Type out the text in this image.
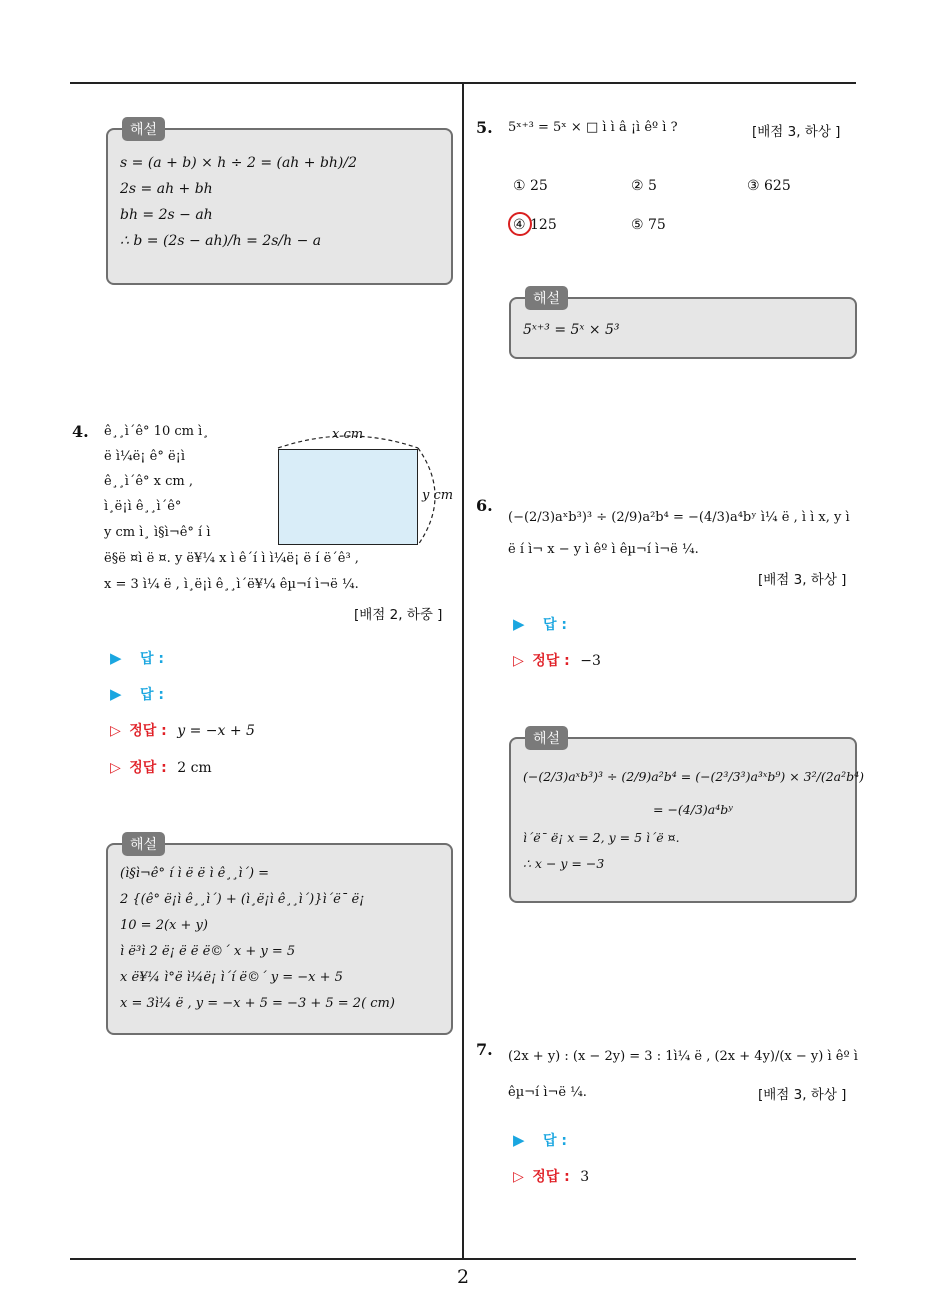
2
해설
s = (a + b) × h ÷ 2 = (ah + bh)/2
2s = ah + bh
bh = 2s − ah
∴ b = (2s − ah)/h = 2s/h − a
4. ê¸¸ì´ê° 10 cm ì¸
ë ì¼ë¡ ê° ë¡ì
ê¸¸ì´ê° x cm ,
ì¸ë¡ì ê¸¸ì´ê°
y cm ì¸ ì§ì¬ê° í ì
ë§ë ¤ì ë ¤. y ë¥¼ x ì ê´í ì ì¼ë¡ ë í ë´ê³ ,
x = 3 ì¼ ë , ì¸ë¡ì ê¸¸ì´ë¥¼ êµ¬í ì¬ë ¼.
x cm
y cm
[배점 2, 하중 ]
▶ 답 :
▶ 답 :
▷ 정답 : y = −x + 5
▷ 정답 : 2 cm
해설
(ì§ì¬ê° í ì ë ë ì ê¸¸ì´) =
2 {(ê° ë¡ì ê¸¸ì´) + (ì¸ë¡ì ê¸¸ì´)}ì´ë¯ ë¡
10 = 2(x + y)
ì ë³ì 2 ë¡ ë ë ë©´ x + y = 5
x ë¥¼ ì°ë ì¼ë¡ ì´í ë©´ y = −x + 5
x = 3ì¼ ë , y = −x + 5 = −3 + 5 = 2( cm)
5. 5ˣ⁺³ = 5ˣ × □ ì ì â ¡ì êº ì ?	[배점 3, 하상 ]
① 25	② 5	③ 625
④ 125	⑤ 75
해설
5ˣ⁺³ = 5ˣ × 5³
6.
(−(2/3)aˣb³)³ ÷ (2/9)a²b⁴ = −(4/3)a⁴bʸ ì¼ ë , ì ì x, y ì
ë í ì¬ x − y ì êº ì êµ¬í ì¬ë ¼.
[배점 3, 하상 ]
▶ 답 :
▷ 정답 : −3
해설
(−(2/3)aˣb³)³ ÷ (2/9)a²b⁴ = (−(2³/3³)a³ˣb⁹) × 3²/(2a²b⁴)
= −(4/3)a⁴bʸ
ì´ë¯ ë¡ x = 2, y = 5 ì´ë ¤.
∴ x − y = −3
7. (2x + y) : (x − 2y) = 3 : 1ì¼ ë , (2x + 4y)/(x − y) ì êº ì
êµ¬í ì¬ë ¼.	[배점 3, 하상 ]
▶ 답 :
▷ 정답 : 3
